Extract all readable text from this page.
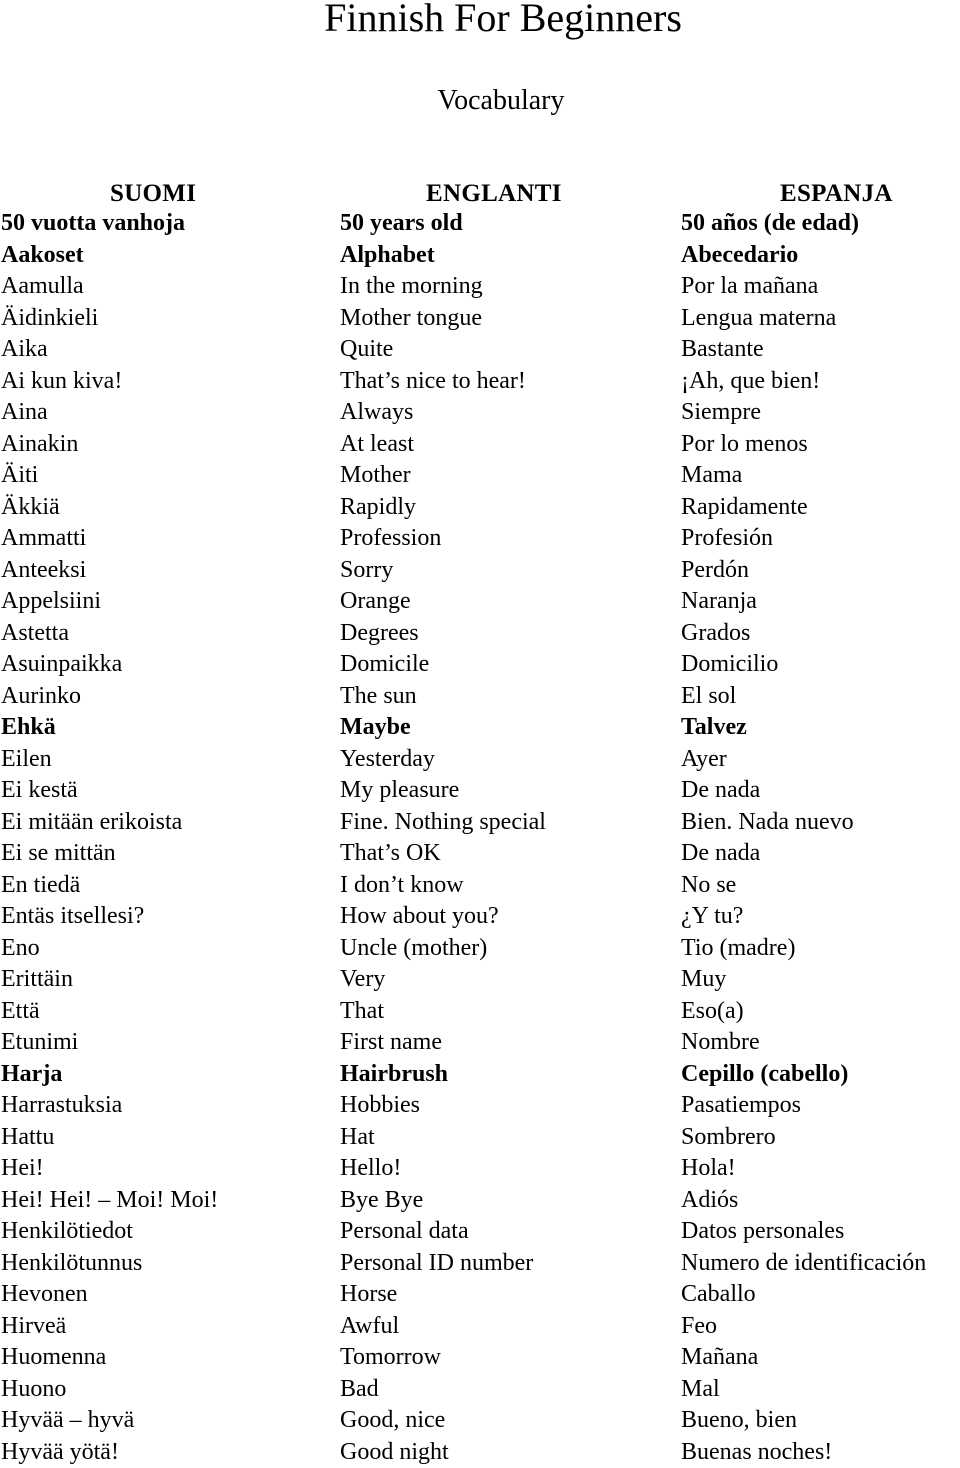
Finnish For Beginners
Vocabulary
SUOMI	ENGLANTI	ESPANJA
50 vuotta vanhoja	50 years old	50 años (de edad)
Aakoset	Alphabet	Abecedario
Aamulla	In the morning	Por la mañana
Äidinkieli	Mother tongue	Lengua materna
Aika	Quite	Bastante
Ai kun kiva!	That’s nice to hear!	¡Ah, que bien!
Aina	Always	Siempre
Ainakin	At least	Por lo menos
Äiti	Mother	Mama
Äkkiä	Rapidly	Rapidamente
Ammatti	Profession	Profesión
Anteeksi	Sorry	Perdón
Appelsiini	Orange	Naranja
Astetta	Degrees	Grados
Asuinpaikka	Domicile	Domicilio
Aurinko	The sun	El sol
Ehkä	Maybe	Talvez
Eilen	Yesterday	Ayer
Ei kestä	My pleasure	De nada
Ei mitään erikoista	Fine. Nothing special	Bien. Nada nuevo
Ei se mittän	That’s OK	De nada
En tiedä	I don’t know	No se
Entäs itsellesi?	How about you?	¿Y tu?
Eno	Uncle (mother)	Tio (madre)
Erittäin	Very	Muy
Että	That	Eso(a)
Etunimi	First name	Nombre
Harja	Hairbrush	Cepillo (cabello)
Harrastuksia	Hobbies	Pasatiempos
Hattu	Hat	Sombrero
Hei!	Hello!	Hola!
Hei! Hei! – Moi! Moi!	Bye Bye	Adiós
Henkilötiedot	Personal data	Datos personales
Henkilötunnus	Personal ID number	Numero de identificación
Hevonen	Horse	Caballo
Hirveä	Awful	Feo
Huomenna	Tomorrow	Mañana
Huono	Bad	Mal
Hyvää – hyvä	Good, nice	Bueno, bien
Hyvää yötä!	Good night	Buenas noches!
